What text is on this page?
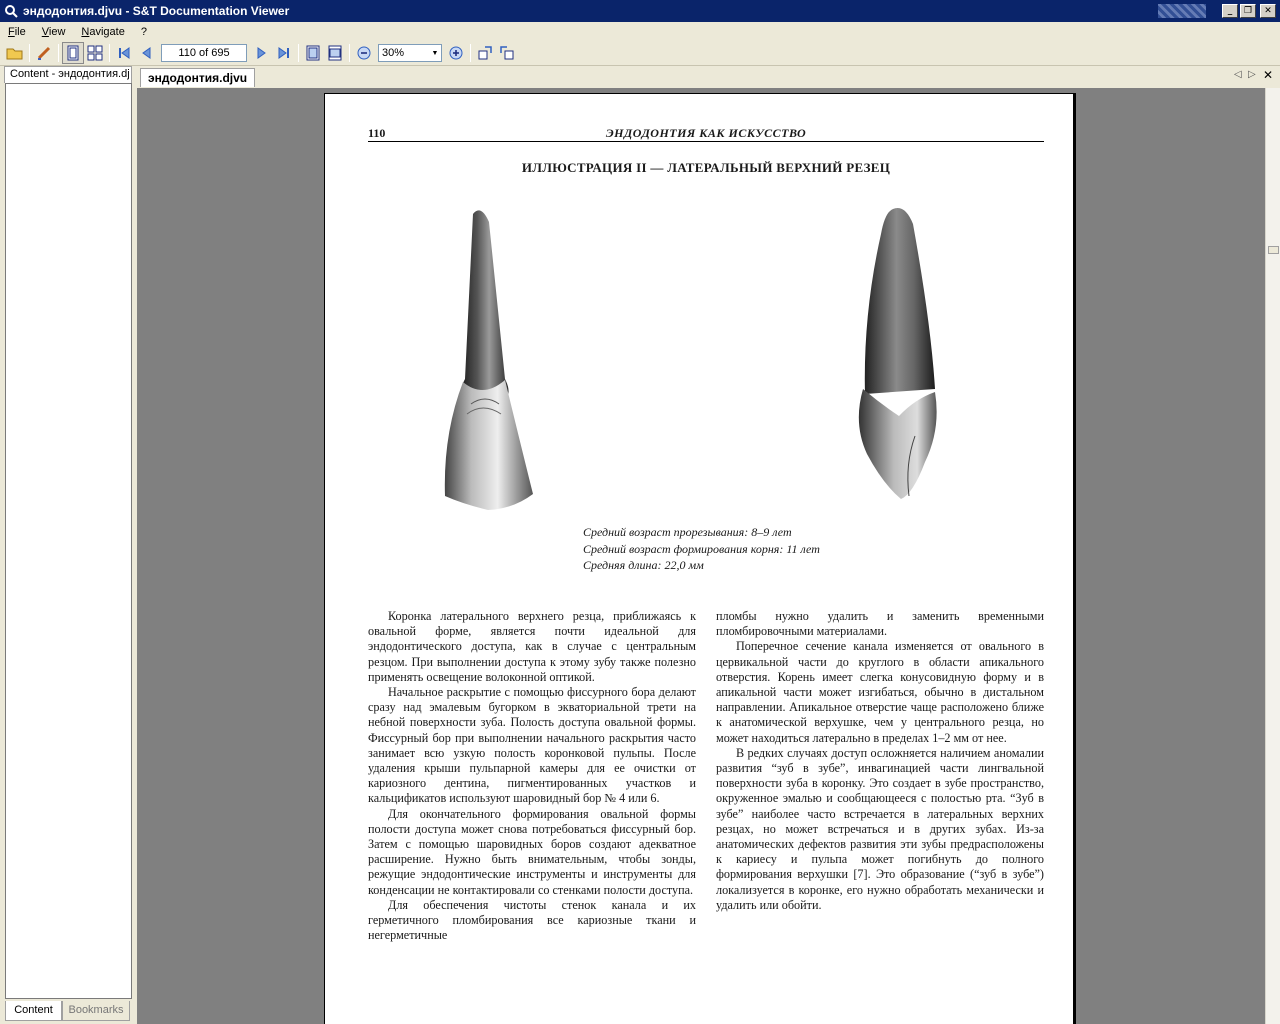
эндодонтия.djvu - S&T Documentation Viewer	_	❐	✕
File	View	Navigate	?
110 of 695	30%	▼
Content - эндодонтия.dj
Content	Bookmarks
эндодонтия.djvu	◁ ▷ ✕
110	ЭНДОДОНТИЯ КАК ИСКУССТВО
ИЛЛЮСТРАЦИЯ II — ЛАТЕРАЛЬНЫЙ ВЕРХНИЙ РЕЗЕЦ
Средний возраст прорезывания: 8–9 лет
Средний возраст формирования корня: 11 лет
Средняя длина: 22,0 мм

Коронка латерального верхнего резца, приближаясь к овальной форме, является почти идеальной для эндодонтического доступа, как в случае с центральным резцом. При выполнении доступа к этому зубу также полезно применять освещение волоконной оптикой.

Начальное раскрытие с помощью фиссурного бора делают сразу над эмалевым бугорком в экваториальной трети на небной поверхности зуба. Полость доступа овальной формы. Фиссурный бор при выполнении начального раскрытия часто занимает всю узкую полость коронковой пульпы. После удаления крыши пульпарной камеры для ее очистки от кариозного дентина, пигментированных участков и кальцификатов используют шаровидный бор № 4 или 6.

Для окончательного формирования овальной формы полости доступа может снова потребоваться фиссурный бор. Затем с помощью шаровидных боров создают адекватное расширение. Нужно быть внимательным, чтобы зонды, режущие эндодонтические инструменты и инструменты для конденсации не контактировали со стенками полости доступа.

Для обеспечения чистоты стенок канала и их герметичного пломбирования все кариозные ткани и негерметичные

пломбы нужно удалить и заменить временными пломбировочными материалами.

Поперечное сечение канала изменяется от овального в цервикальной части до круглого в области апикального отверстия. Корень имеет слегка конусовидную форму и в апикальной части может изгибаться, обычно в дистальном направлении. Апикальное отверстие чаще расположено ближе к анатомической верхушке, чем у центрального резца, но может находиться латерально в пределах 1–2 мм от нее.

В редких случаях доступ осложняется наличием аномалии развития “зуб в зубе”, инвагинацией части лингвальной поверхности зуба в коронку. Это создает в зубе пространство, окруженное эмалью и сообщающееся с полостью рта. “Зуб в зубе” наиболее часто встречается в латеральных верхних резцах, но может встречаться и в других зубах. Из-за анатомических дефектов развития эти зубы предрасположены к кариесу и пульпа может погибнуть до полного формирования верхушки [7]. Это образование (“зуб в зубе”) локализуется в коронке, его нужно обработать механически и удалить или обойти.
